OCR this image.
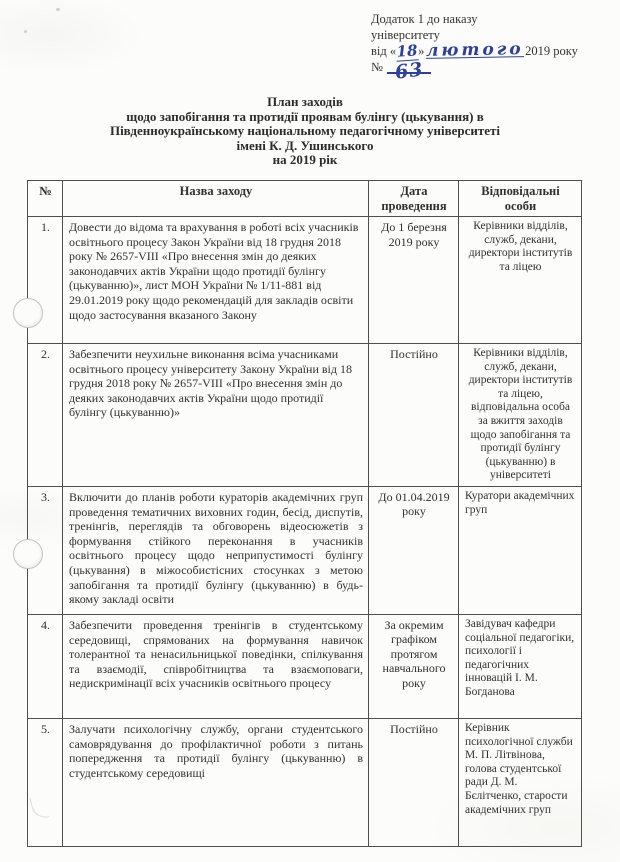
Додаток 1 до наказу
університету
від «18» лютого2019 року
№ 63
План заходів
щодо запобігання та протидії проявам булінгу (цькування) в
Південноукраїнському національному педагогічному університеті
імені К. Д. Ушинського
на 2019 рік
№	Назва заходу	Дата проведення	Відповідальні особи
1.	Довести до відома та врахування в роботі всіх учасників освітнього процесу Закон України від 18 грудня 2018 року № 2657-VIII «Про внесення змін до деяких законодавчих актів України щодо протидії булінгу (цькуванню)», лист МОН України № 1/11-881 від 29.01.2019 року щодо рекомендацій для закладів освіти щодо застосування вказаного Закону	До 1 березня 2019 року	Керівники відділів, служб, декани, директори інститутів та ліцею
2.	Забезпечити неухильне виконання всіма учасниками освітнього процесу університету Закону України від 18 грудня 2018 року № 2657-VIII «Про внесення змін до деяких законодавчих актів України щодо протидії булінгу (цькуванню)»	Постійно	Керівники відділів, служб, декани, директори інститутів та ліцею, відповідальна особа за вжиття заходів щодо запобігання та протидії булінгу (цькуванню) в університеті
3.	Включити до планів роботи кураторів академічних груп проведення тематичних виховних годин, бесід, диспутів, тренінгів, переглядів та обговорень відеосюжетів з формування стійкого переконання в учасників освітнього процесу щодо неприпустимості булінгу (цькування) в міжособистісних стосунках з метою запобігання та протидії булінгу (цькуванню) в будь-якому закладі освіти	До 01.04.2019 року	Куратори академічних груп
4.	Забезпечити проведення тренінгів в студентському середовищі, спрямованих на формування навичок толерантної та ненасильницької поведінки, спілкування та взаємодії, співробітництва та взаємоповаги, недискримінації всіх учасників освітнього процесу	За окремим графіком протягом навчального року	Завідувач кафедри соціальної педагогіки, психології і педагогічних інновацій І. М. Богданова
5.	Залучати психологічну службу, органи студентського самоврядування до профілактичної роботи з питань попередження та протидії булінгу (цькуванню) в студентському середовищі	Постійно	Керівник психологічної служби М. П. Літвінова, голова студентської ради Д. М. Бєлітченко, старости академічних груп
